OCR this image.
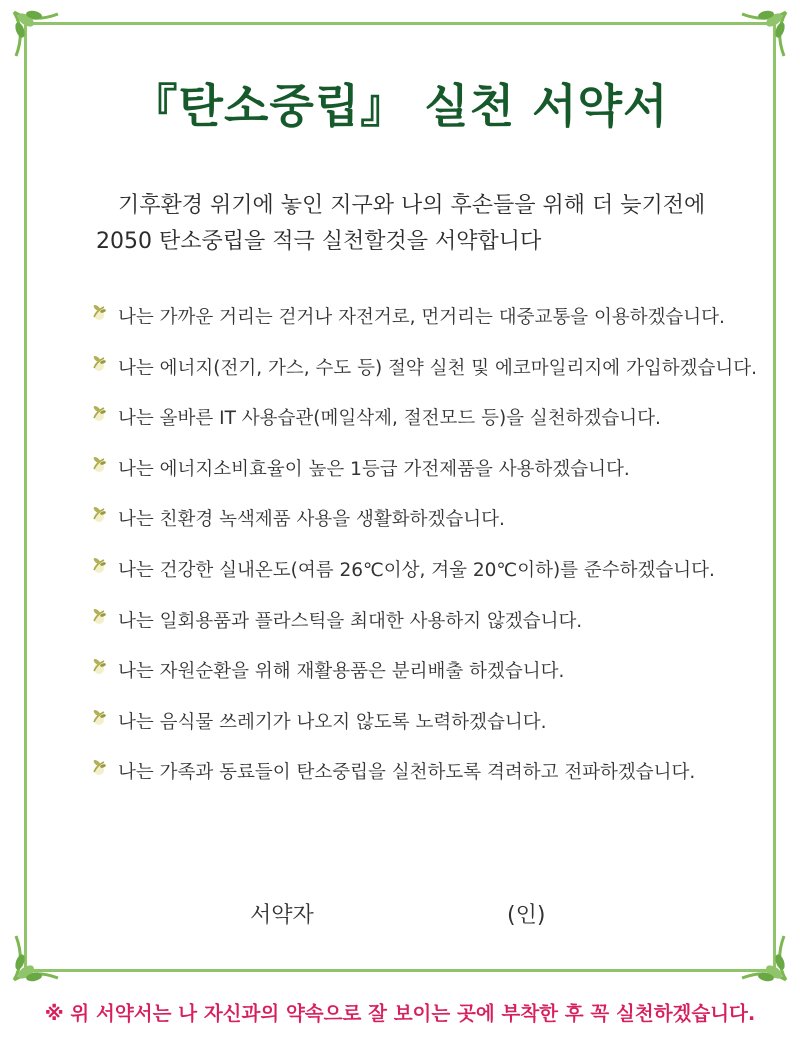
『탄소중립』 실천 서약서
기후환경 위기에 놓인 지구와 나의 후손들을 위해 더 늦기전에
2050 탄소중립을 적극 실천할것을 서약합니다
나는 가까운 거리는 걷거나 자전거로, 먼거리는 대중교통을 이용하겠습니다.
나는 에너지(전기, 가스, 수도 등) 절약 실천 및 에코마일리지에 가입하겠습니다.
나는 올바른 IT 사용습관(메일삭제, 절전모드 등)을 실천하겠습니다.
나는 에너지소비효율이 높은 1등급 가전제품을 사용하겠습니다.
나는 친환경 녹색제품 사용을 생활화하겠습니다.
나는 건강한 실내온도(여름 26℃이상, 겨울 20℃이하)를 준수하겠습니다.
나는 일회용품과 플라스틱을 최대한 사용하지 않겠습니다.
나는 자원순환을 위해 재활용품은 분리배출 하겠습니다.
나는 음식물 쓰레기가 나오지 않도록 노력하겠습니다.
나는 가족과 동료들이 탄소중립을 실천하도록 격려하고 전파하겠습니다.
서약자	(인)
※ 위 서약서는 나 자신과의 약속으로 잘 보이는 곳에 부착한 후 꼭 실천하겠습니다.
